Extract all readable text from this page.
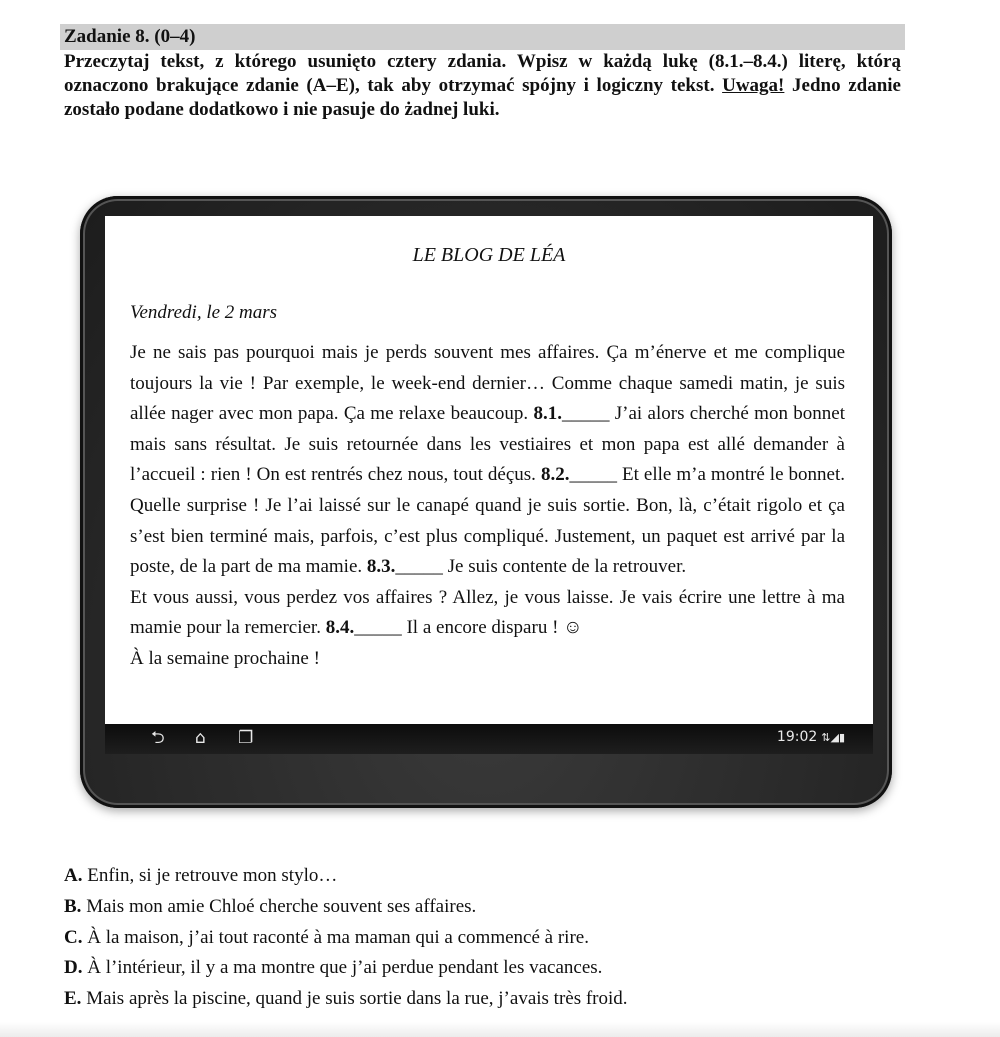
Zadanie 8. (0–4)
Przeczytaj tekst, z którego usunięto cztery zdania. Wpisz w każdą lukę (8.1.–8.4.) literę, którą oznaczono brakujące zdanie (A–E), tak aby otrzymać spójny i logiczny tekst. Uwaga! Jedno zdanie zostało podane dodatkowo i nie pasuje do żadnej luki.
LE BLOG DE LÉA
Vendredi, le 2 mars

Je ne sais pas pourquoi mais je perds souvent mes affaires. Ça m’énerve et me complique toujours la vie ! Par exemple, le week-end dernier… Comme chaque samedi matin, je suis allée nager avec mon papa. Ça me relaxe beaucoup. 8.1._____ J’ai alors cherché mon bonnet mais sans résultat. Je suis retournée dans les vestiaires et mon papa est allé demander à l’accueil : rien ! On est rentrés chez nous, tout déçus. 8.2._____ Et elle m’a montré le bonnet. Quelle surprise ! Je l’ai laissé sur le canapé quand je suis sortie. Bon, là, c’était rigolo et ça s’est bien terminé mais, parfois, c’est plus compliqué. Justement, un paquet est arrivé par la poste, de la part de ma mamie. 8.3._____ Je suis contente de la retrouver.

Et vous aussi, vous perdez vos affaires ? Allez, je vous laisse. Je vais écrire une lettre à ma mamie pour la remercier. 8.4._____ Il a encore disparu ! ☺

À la semaine prochaine !

⮌ ⌂ ❐	19:02 ⇅◢▮
A. Enfin, si je retrouve mon stylo…
B. Mais mon amie Chloé cherche souvent ses affaires.
C. À la maison, j’ai tout raconté à ma maman qui a commencé à rire.
D. À l’intérieur, il y a ma montre que j’ai perdue pendant les vacances.
E. Mais après la piscine, quand je suis sortie dans la rue, j’avais très froid.
